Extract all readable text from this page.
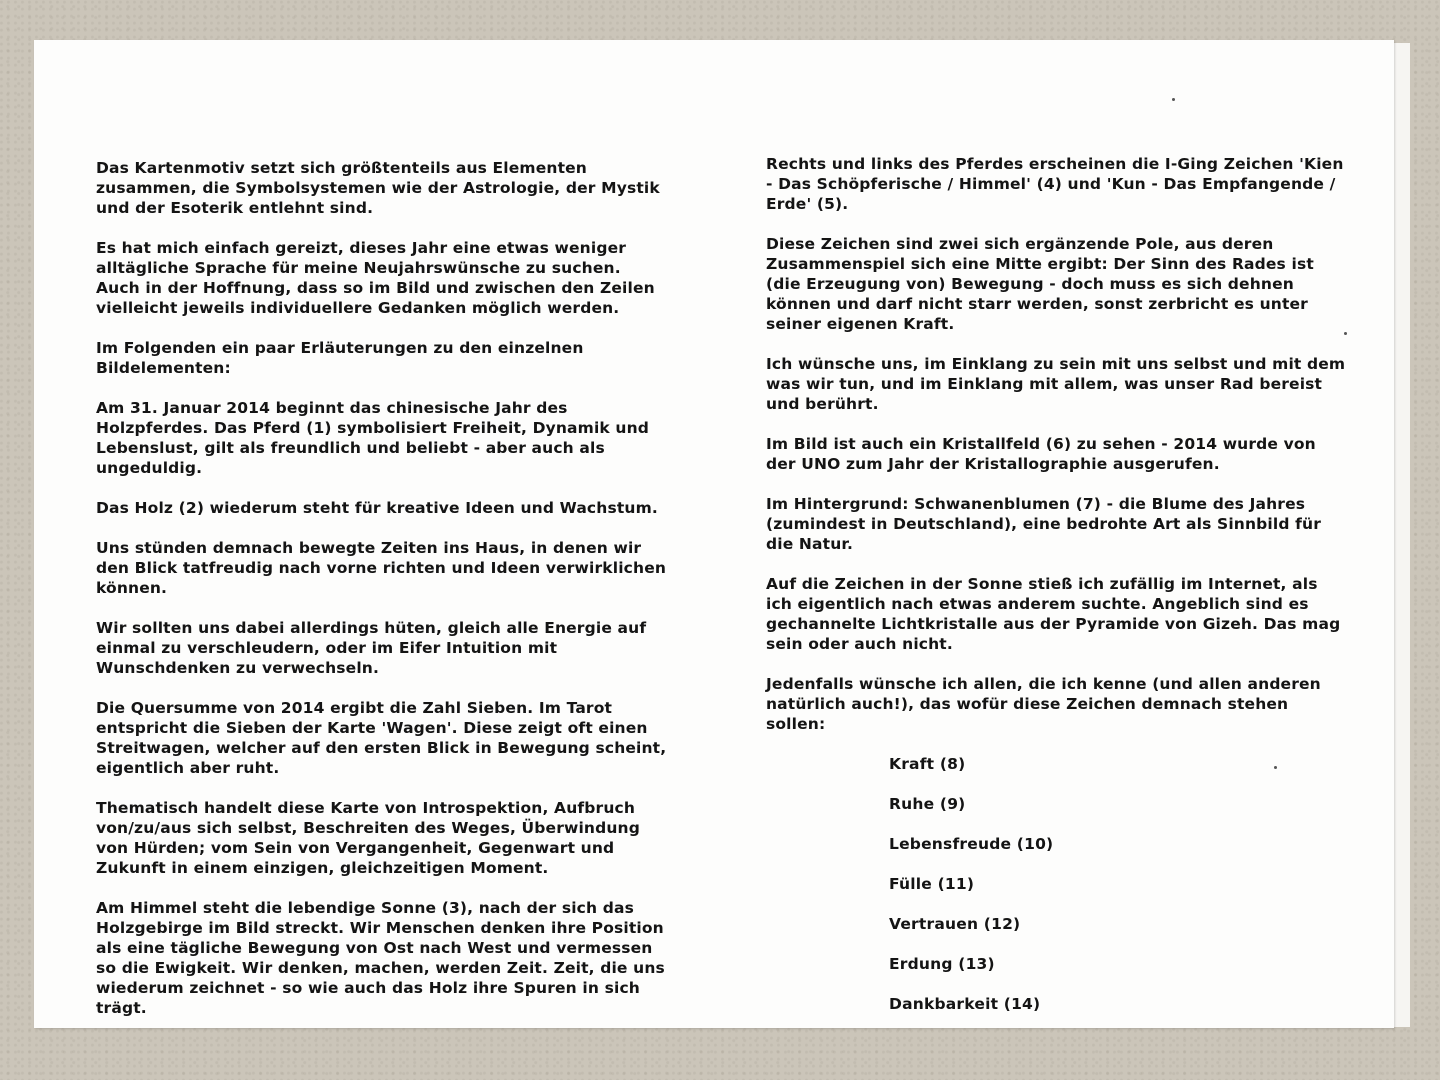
Das Kartenmotiv setzt sich größtenteils aus Elementen zusammen, die Symbolsystemen wie der Astrologie, der Mystik und der Esoterik entlehnt sind.

Es hat mich einfach gereizt, dieses Jahr eine etwas weniger alltägliche Sprache für meine Neujahrswünsche zu suchen. Auch in der Hoffnung, dass so im Bild und zwischen den Zeilen vielleicht jeweils individuellere Gedanken möglich werden.

Im Folgenden ein paar Erläuterungen zu den einzelnen Bildelementen:

Am 31. Januar 2014 beginnt das chinesische Jahr des Holzpferdes. Das Pferd (1) symbolisiert Freiheit, Dynamik und Lebenslust, gilt als freundlich und beliebt - aber auch als ungeduldig.

Das Holz (2) wiederum steht für kreative Ideen und Wachstum.

Uns stünden demnach bewegte Zeiten ins Haus, in denen wir den Blick tatfreudig nach vorne richten und Ideen verwirklichen können.

Wir sollten uns dabei allerdings hüten, gleich alle Energie auf einmal zu verschleudern, oder im Eifer Intuition mit Wunschdenken zu verwechseln.

Die Quersumme von 2014 ergibt die Zahl Sieben. Im Tarot entspricht die Sieben der Karte 'Wagen'. Diese zeigt oft einen Streitwagen, welcher auf den ersten Blick in Bewegung scheint, eigentlich aber ruht.

Thematisch handelt diese Karte von Introspektion, Aufbruch von/zu/aus sich selbst, Beschreiten des Weges, Überwindung von Hürden; vom Sein von Vergangenheit, Gegenwart und Zukunft in einem einzigen, gleichzeitigen Moment.

Am Himmel steht die lebendige Sonne (3), nach der sich das Holzgebirge im Bild streckt. Wir Menschen denken ihre Position als eine tägliche Bewegung von Ost nach West und vermessen so die Ewigkeit. Wir denken, machen, werden Zeit. Zeit, die uns wiederum zeichnet - so wie auch das Holz ihre Spuren in sich trägt.

Rechts und links des Pferdes erscheinen die I-Ging Zeichen 'Kien - Das Schöpferische / Himmel' (4) und 'Kun - Das Empfangende / Erde' (5).

Diese Zeichen sind zwei sich ergänzende Pole, aus deren Zusammenspiel sich eine Mitte ergibt: Der Sinn des Rades ist (die Erzeugung von) Bewegung - doch muss es sich dehnen können und darf nicht starr werden, sonst zerbricht es unter seiner eigenen Kraft.

Ich wünsche uns, im Einklang zu sein mit uns selbst und mit dem was wir tun, und im Einklang mit allem, was unser Rad bereist und berührt.

Im Bild ist auch ein Kristallfeld (6) zu sehen - 2014 wurde von der UNO zum Jahr der Kristallographie ausgerufen.

Im Hintergrund: Schwanenblumen (7) - die Blume des Jahres (zumindest in Deutschland), eine bedrohte Art als Sinnbild für die Natur.

Auf die Zeichen in der Sonne stieß ich zufällig im Internet, als ich eigentlich nach etwas anderem suchte. Angeblich sind es gechannelte Lichtkristalle aus der Pyramide von Gizeh. Das mag sein oder auch nicht.

Jedenfalls wünsche ich allen, die ich kenne (und allen anderen natürlich auch!), das wofür diese Zeichen demnach stehen sollen:

Kraft (8)
Ruhe (9)
Lebensfreude (10)
Fülle (11)
Vertrauen (12)
Erdung (13)
Dankbarkeit (14)
